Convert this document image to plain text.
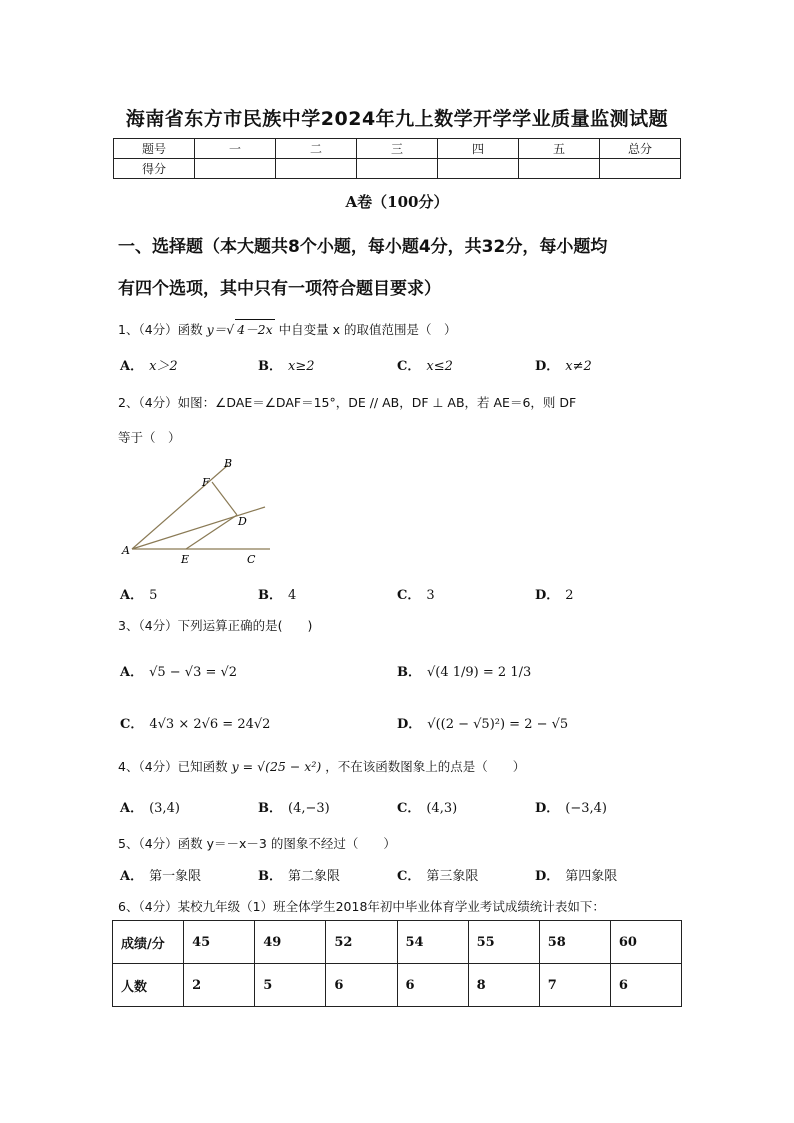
海南省东方市民族中学2024年九上数学开学学业质量监测试题
题号	一	二	三	四	五	总分
得分						
A卷（100分）
一、选择题（本大题共8个小题，每小题4分，共32分，每小题均
有四个选项，其中只有一项符合题目要求）
1、（4分）函数 y＝√ 4－2x 中自变量 x 的取值范围是（　）
A． x＞2	B． x≥2	C． x≤2	D． x≠2
2、（4分）如图：∠DAE＝∠DAF＝15°，DE // AB，DF ⊥ AB，若 AE＝6，则 DF
等于（　）
A
B
C
D
E
F
A． 5	B． 4	C． 3	D． 2
3、（4分）下列运算正确的是(　　)
A． √5 − √3 = √2	B． √(4 1/9) = 2 1/3
C． 4√3 × 2√6 = 24√2	D． √((2 − √5)²) = 2 − √5
4、（4分）已知函数 y = √(25 − x²) ，不在该函数图象上的点是（　　）
A． (3,4)	B． (4,−3)	C． (4,3)	D． (−3,4)
5、（4分）函数 y＝－x－3 的图象不经过（　　）
A． 第一象限	B． 第二象限	C． 第三象限	D． 第四象限
6、（4分）某校九年级（1）班全体学生2018年初中毕业体育学业考试成绩统计表如下：
成绩/分	45	49	52	54	55	58	60
人数	2	5	6	6	8	7	6
